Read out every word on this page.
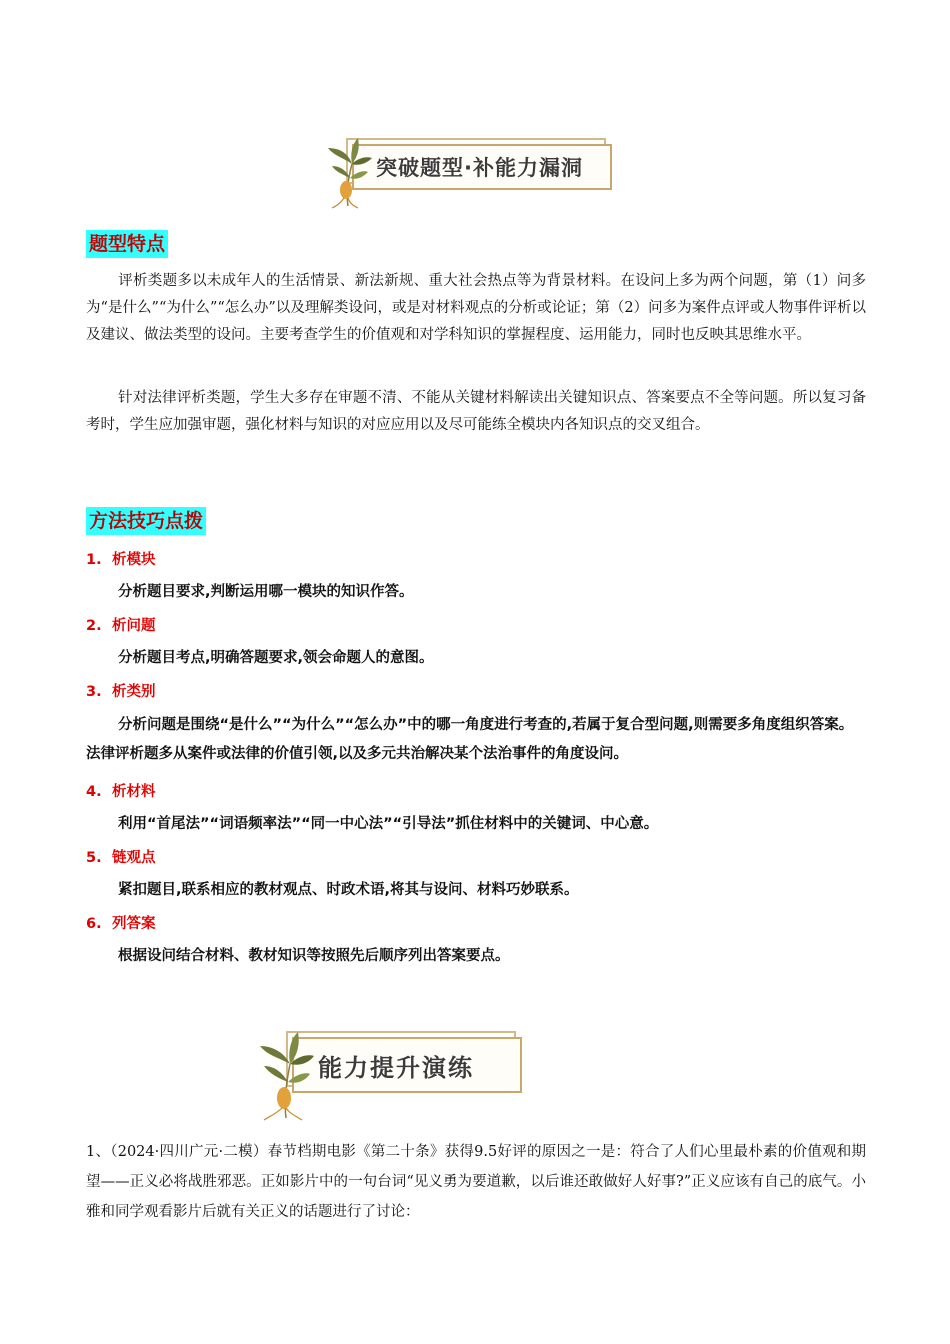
突破题型·补能力漏洞
题型特点
评析类题多以未成年人的生活情景、新法新规、重大社会热点等为背景材料。在设问上多为两个问题，第（1）问多为“是什么”“为什么”“怎么办”以及理解类设问，或是对材料观点的分析或论证；第（2）问多为案件点评或人物事件评析以及建议、做法类型的设问。主要考查学生的价值观和对学科知识的掌握程度、运用能力，同时也反映其思维水平。
针对法律评析类题，学生大多存在审题不清、不能从关键材料解读出关键知识点、答案要点不全等问题。所以复习备考时，学生应加强审题，强化材料与知识的对应应用以及尽可能练全模块内各知识点的交叉组合。
方法技巧点拨
1. 析模块
分析题目要求,判断运用哪一模块的知识作答。
2. 析问题
分析题目考点,明确答题要求,领会命题人的意图。
3. 析类别
分析问题是围绕“是什么”“为什么”“怎么办”中的哪一角度进行考查的,若属于复合型问题,则需要多角度组织答案。法律评析题多从案件或法律的价值引领,以及多元共治解决某个法治事件的角度设问。
4. 析材料
利用“首尾法”“词语频率法”“同一中心法”“引导法”抓住材料中的关键词、中心意。
5. 链观点
紧扣题目,联系相应的教材观点、时政术语,将其与设问、材料巧妙联系。
6. 列答案
根据设问结合材料、教材知识等按照先后顺序列出答案要点。
能力提升演练
1、（2024·四川广元·二模）春节档期电影《第二十条》获得9.5好评的原因之一是：符合了人们心里最朴素的价值观和期望——正义必将战胜邪恶。正如影片中的一句台词“见义勇为要道歉，以后谁还敢做好人好事?”正义应该有自己的底气。小雅和同学观看影片后就有关正义的话题进行了讨论：
